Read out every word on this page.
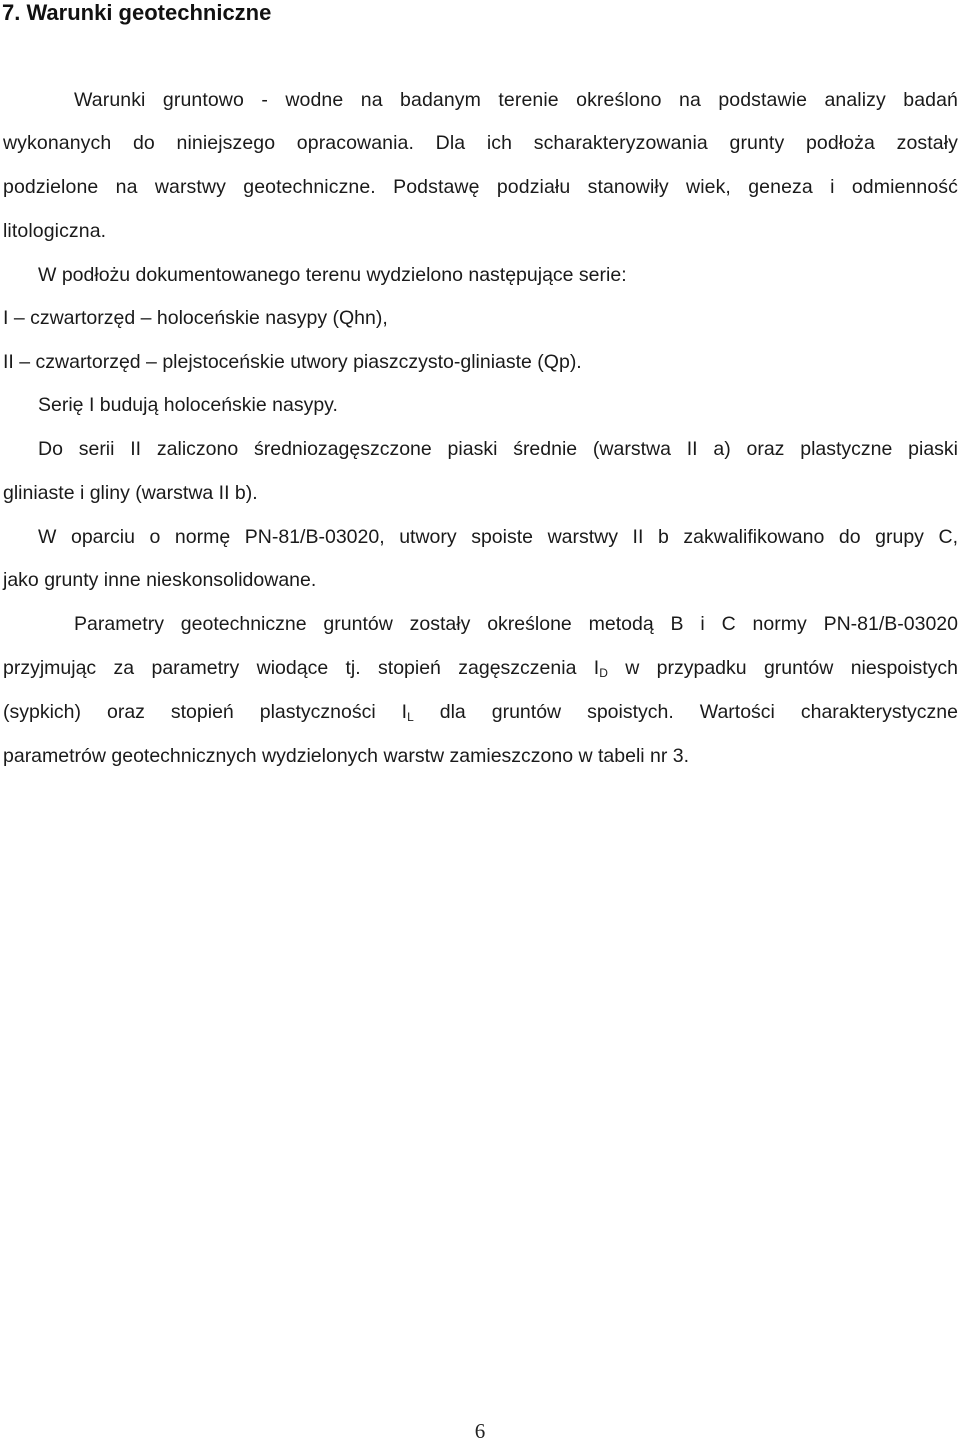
7. Warunki geotechniczne

Warunki gruntowo - wodne na badanym terenie określono na podstawie analizy badań

wykonanych do niniejszego opracowania. Dla ich scharakteryzowania grunty podłoża zostały

podzielone na warstwy geotechniczne. Podstawę podziału stanowiły wiek, geneza i odmienność

litologiczna.

W podłożu dokumentowanego terenu wydzielono następujące serie:

I – czwartorzęd – holoceńskie nasypy (Qhn),

II – czwartorzęd – plejstoceńskie utwory piaszczysto-gliniaste (Qp).

Serię I budują holoceńskie nasypy.

Do serii II zaliczono średniozagęszczone piaski średnie (warstwa II a) oraz plastyczne piaski

gliniaste i gliny (warstwa II b).

W oparciu o normę PN-81/B-03020, utwory spoiste warstwy II b zakwalifikowano do grupy C,

jako grunty inne nieskonsolidowane.

Parametry geotechniczne gruntów zostały określone metodą B i C normy PN-81/B-03020

przyjmując za parametry wiodące tj. stopień zagęszczenia $I_D$ w przypadku gruntów niespoistych

(sypkich) oraz stopień plastyczności $I_L$ dla gruntów spoistych. Wartości charakterystyczne

parametrów geotechnicznych wydzielonych warstw zamieszczono w tabeli nr 3.

6
